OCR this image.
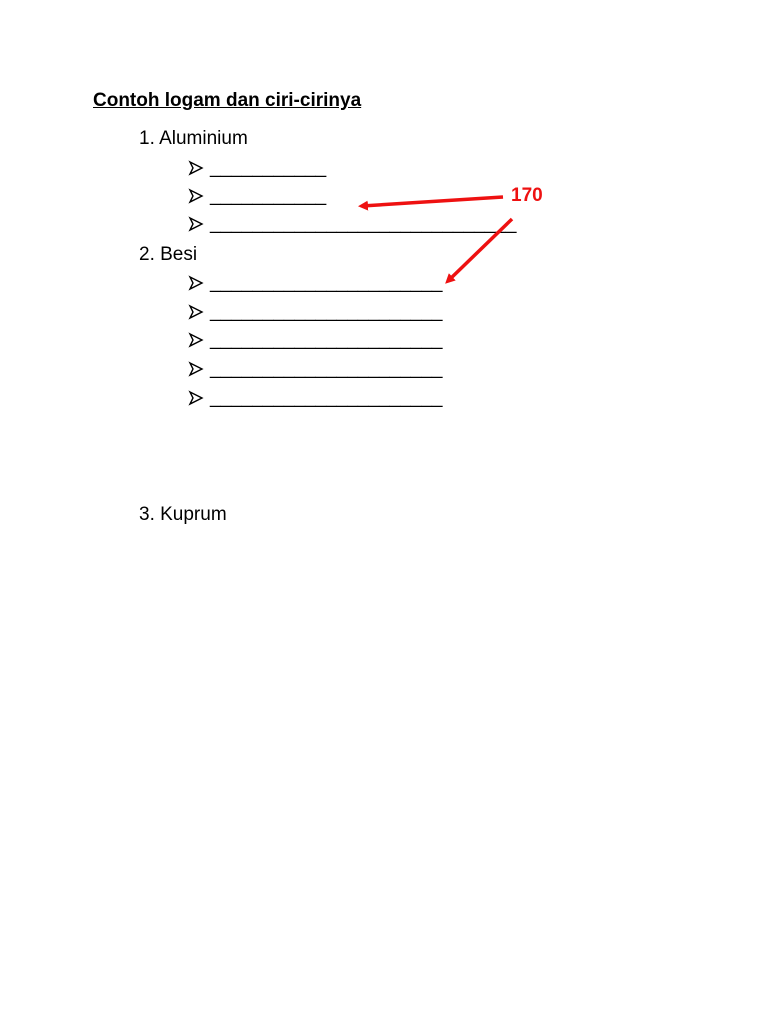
Contoh logam dan ciri-cirinya
1. Aluminium
___________
___________
_____________________________
2. Besi
______________________
______________________
______________________
______________________
______________________
3. Kuprum
170
